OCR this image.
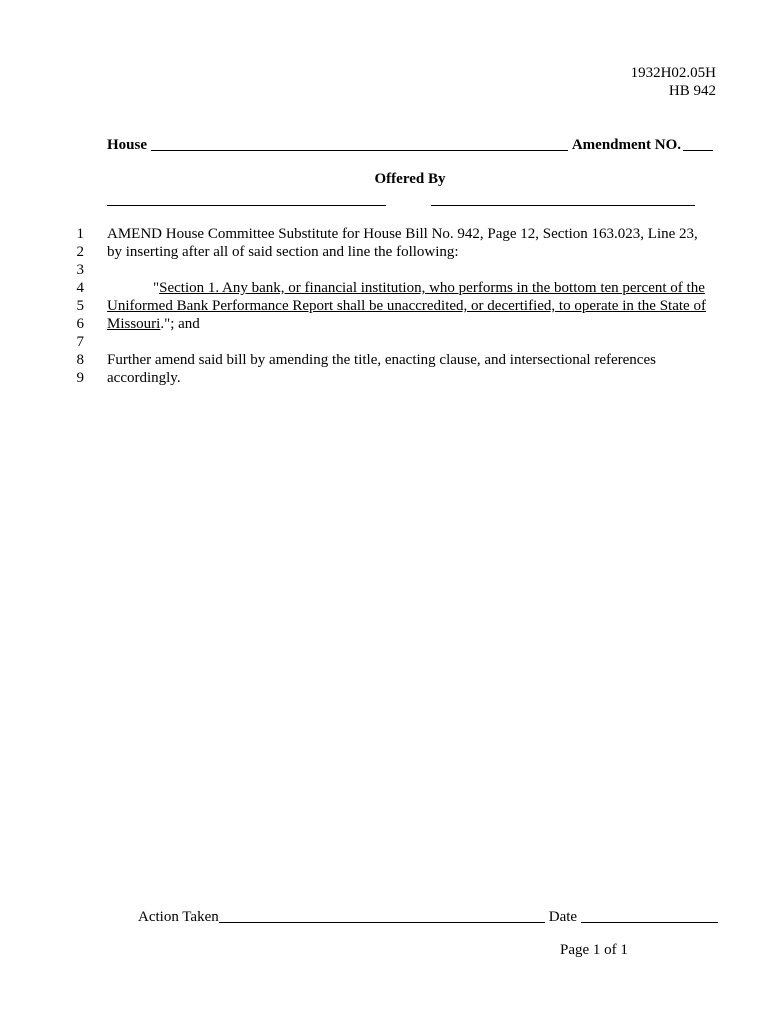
1932H02.05H
HB 942
House	Amendment NO.
Offered By
1
2
3
4
5
6
7
8
9

AMEND House Committee Substitute for House Bill No. 942, Page 12, Section 163.023, Line 23,

by inserting after all of said section and line the following:

"Section 1. Any bank, or financial institution, who performs in the bottom ten percent of the

Uniformed Bank Performance Report shall be unaccredited, or decertified, to operate in the State of

Missouri."; and

Further amend said bill by amending the title, enacting clause, and intersectional references

accordingly.

Action Taken	Date
Page 1 of 1
